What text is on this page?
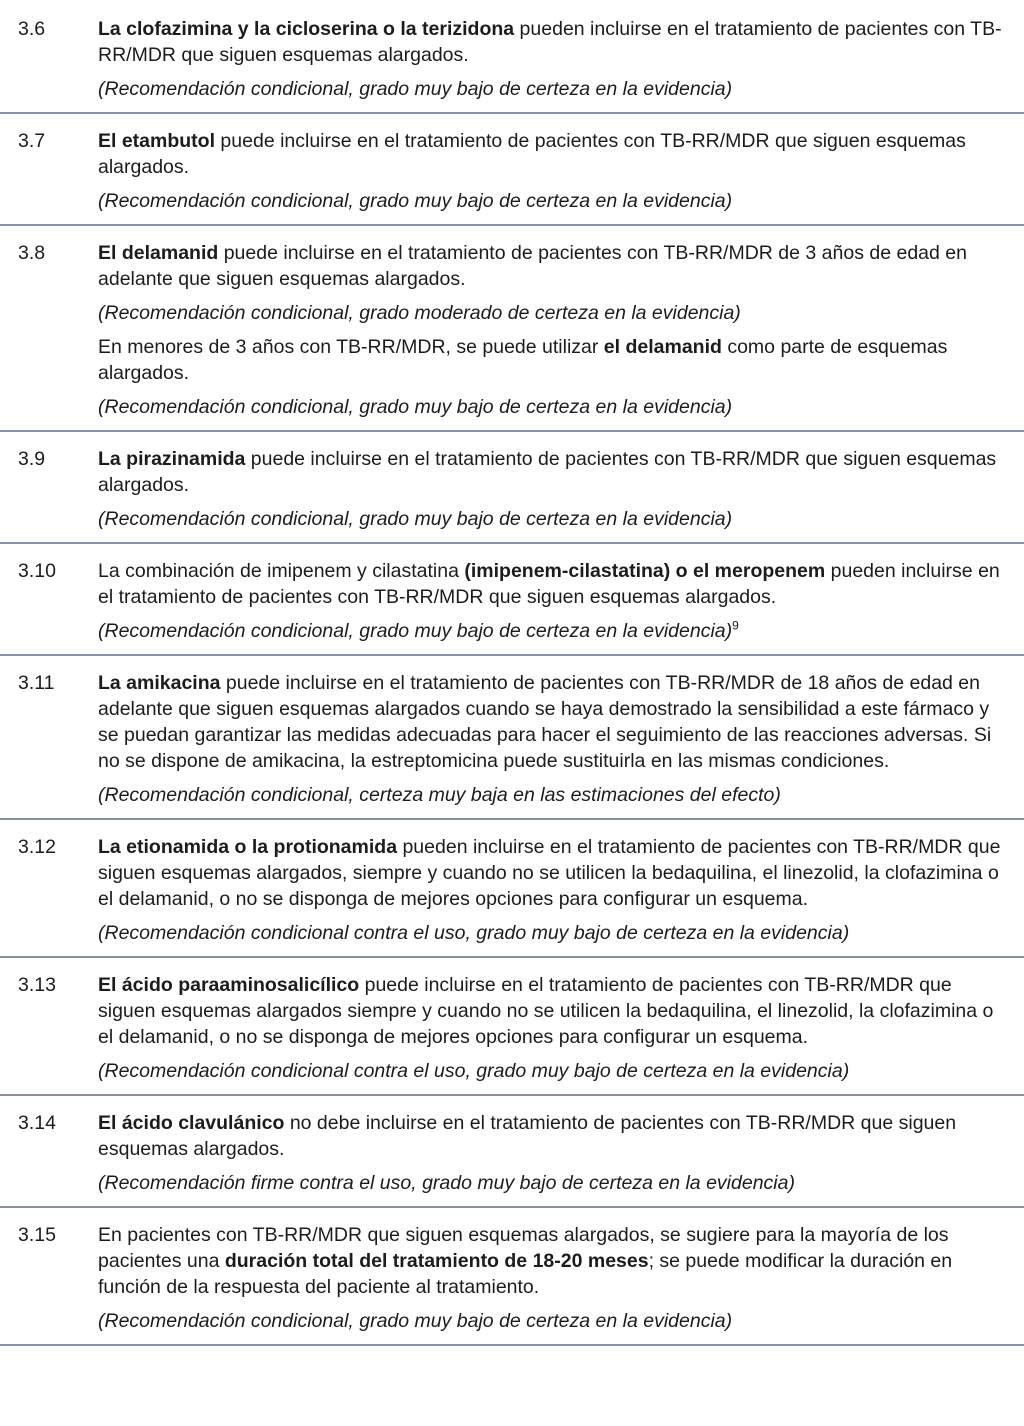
3.6	La clofazimina y la cicloserina o la terizidona pueden incluirse en el tratamiento de pacientes con TB-RR/MDR que siguen esquemas alargados.

(Recomendación condicional, grado muy bajo de certeza en la evidencia)

3.7	El etambutol puede incluirse en el tratamiento de pacientes con TB-RR/MDR que siguen esquemas alargados.

(Recomendación condicional, grado muy bajo de certeza en la evidencia)

3.8	El delamanid puede incluirse en el tratamiento de pacientes con TB-RR/MDR de 3 años de edad en adelante que siguen esquemas alargados.

(Recomendación condicional, grado moderado de certeza en la evidencia)

En menores de 3 años con TB-RR/MDR, se puede utilizar el delamanid como parte de esquemas alargados.

(Recomendación condicional, grado muy bajo de certeza en la evidencia)

3.9	La pirazinamida puede incluirse en el tratamiento de pacientes con TB-RR/MDR que siguen esquemas alargados.

(Recomendación condicional, grado muy bajo de certeza en la evidencia)

3.10	La combinación de imipenem y cilastatina (imipenem-cilastatina) o el meropenem pueden incluirse en el tratamiento de pacientes con TB-RR/MDR que siguen esquemas alargados.

(Recomendación condicional, grado muy bajo de certeza en la evidencia)$^9$

3.11	La amikacina puede incluirse en el tratamiento de pacientes con TB-RR/MDR de 18 años de edad en adelante que siguen esquemas alargados cuando se haya demostrado la sensibilidad a este fármaco y se puedan garantizar las medidas adecuadas para hacer el seguimiento de las reacciones adversas. Si no se dispone de amikacina, la estreptomicina puede sustituirla en las mismas condiciones.

(Recomendación condicional, certeza muy baja en las estimaciones del efecto)

3.12	La etionamida o la protionamida pueden incluirse en el tratamiento de pacientes con TB-RR/MDR que siguen esquemas alargados, siempre y cuando no se utilicen la bedaquilina, el linezolid, la clofazimina o el delamanid, o no se disponga de mejores opciones para configurar un esquema.

(Recomendación condicional contra el uso, grado muy bajo de certeza en la evidencia)

3.13	El ácido paraaminosalicílico puede incluirse en el tratamiento de pacientes con TB-RR/MDR que siguen esquemas alargados siempre y cuando no se utilicen la bedaquilina, el linezolid, la clofazimina o el delamanid, o no se disponga de mejores opciones para configurar un esquema.

(Recomendación condicional contra el uso, grado muy bajo de certeza en la evidencia)

3.14	El ácido clavulánico no debe incluirse en el tratamiento de pacientes con TB-RR/MDR que siguen esquemas alargados.

(Recomendación firme contra el uso, grado muy bajo de certeza en la evidencia)

3.15	En pacientes con TB-RR/MDR que siguen esquemas alargados, se sugiere para la mayoría de los pacientes una duración total del tratamiento de 18-20 meses; se puede modificar la duración en función de la respuesta del paciente al tratamiento.

(Recomendación condicional, grado muy bajo de certeza en la evidencia)
